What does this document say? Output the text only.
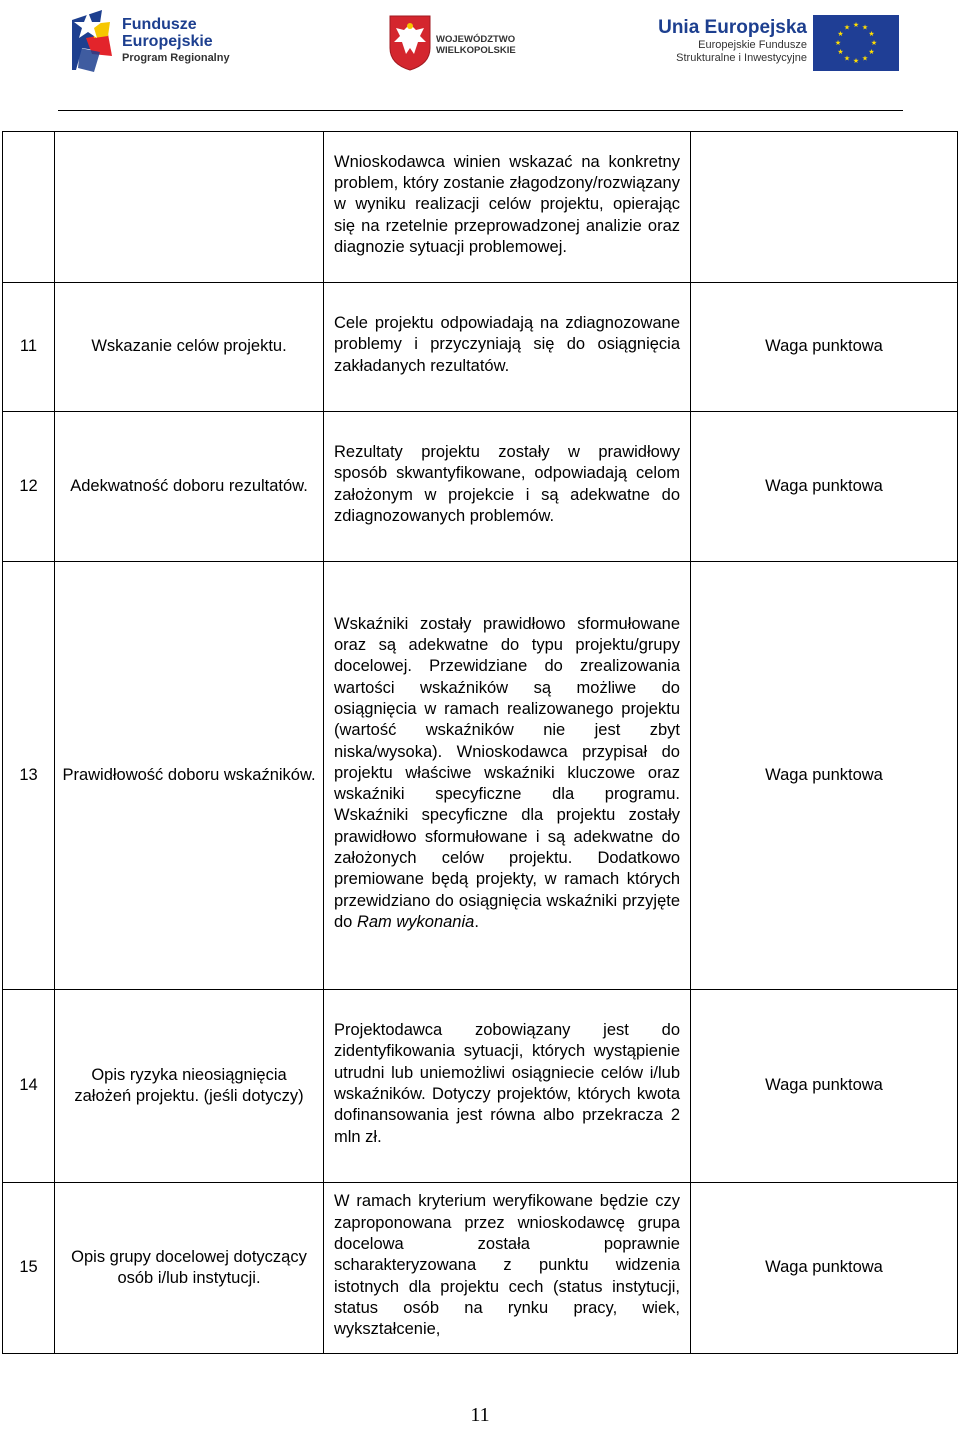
Fundusze
Europejskie
Program Regionalny
WOJEWÓDZTWO
WIELKOPOLSKIE
Unia Europejska
Europejskie Fundusze
Strukturalne i Inwestycyjne
★ ★
★
★
★
★
★
★
★
★
★
★
		Wnioskodawca winien wskazać na konkretny problem, który zostanie złagodzony/rozwiązany w wyniku realizacji celów projektu, opierając się na rzetelnie przeprowadzonej analizie oraz diagnozie sytuacji problemowej.	
11	Wskazanie celów projektu.	Cele projektu odpowiadają na zdiagnozowane problemy i przyczyniają się do osiągnięcia zakładanych rezultatów.	Waga punktowa
12	Adekwatność doboru rezultatów.	Rezultaty projektu zostały w prawidłowy sposób skwantyfikowane, odpowiadają celom założonym w projekcie i są adekwatne do zdiagnozowanych problemów.	Waga punktowa
13	Prawidłowość doboru wskaźników.	Wskaźniki zostały prawidłowo sformułowane oraz są adekwatne do typu projektu/grupy docelowej. Przewidziane do zrealizowania wartości wskaźników są możliwe do osiągnięcia w ramach realizowanego projektu (wartość wskaźników nie jest zbyt niska/wysoka). Wnioskodawca przypisał do projektu właściwe wskaźniki kluczowe oraz wskaźniki specyficzne dla programu. Wskaźniki specyficzne dla projektu zostały prawidłowo sformułowane i są adekwatne do założonych celów projektu. Dodatkowo premiowane będą projekty, w ramach których przewidziano do osiągnięcia wskaźniki przyjęte do Ram wykonania.	Waga punktowa
14	Opis ryzyka nieosiągnięcia założeń projektu. (jeśli dotyczy)	Projektodawca zobowiązany jest do zidentyfikowania sytuacji, których wystąpienie utrudni lub uniemożliwi osiągniecie celów i/lub wskaźników. Dotyczy projektów, których kwota dofinansowania jest równa albo przekracza 2 mln zł.	Waga punktowa
15	Opis grupy docelowej dotyczący osób i/lub instytucji.	W ramach kryterium weryfikowane będzie czy zaproponowana przez wnioskodawcę grupa docelowa została poprawnie scharakteryzowana z punktu widzenia istotnych dla projektu cech (status instytucji, status osób na rynku pracy, wiek, wykształcenie,	Waga punktowa
11
